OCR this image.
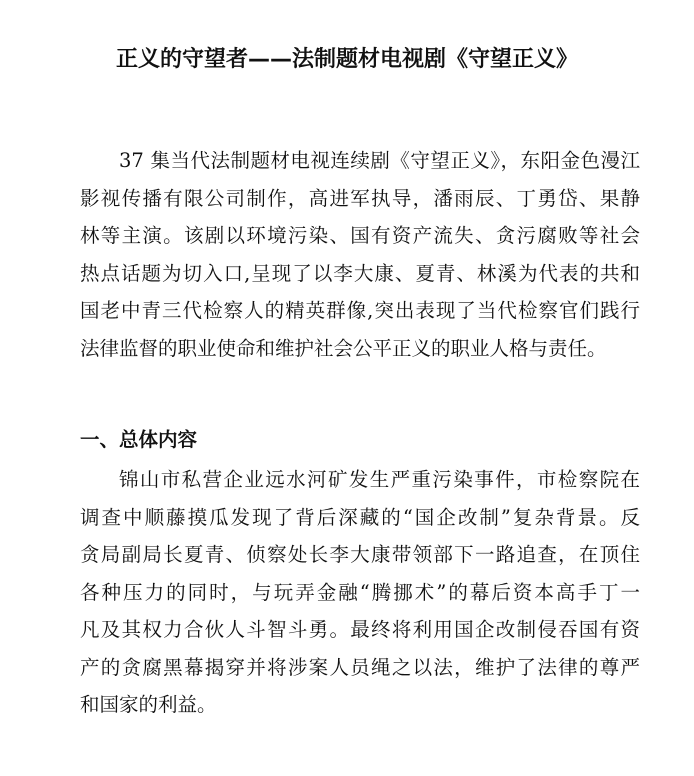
正义的守望者——法制题材电视剧《守望正义》
37 集当代法制题材电视连续剧《守望正义》，东阳金色漫江
影视传播有限公司制作，高进军执导，潘雨辰、丁勇岱、果静
林等主演。该剧以环境污染、国有资产流失、贪污腐败等社会
热点话题为切入口,呈现了以李大康、夏青、林溪为代表的共和
国老中青三代检察人的精英群像,突出表现了当代检察官们践行
法律监督的职业使命和维护社会公平正义的职业人格与责任。
一、总体内容
锦山市私营企业远水河矿发生严重污染事件，市检察院在
调查中顺藤摸瓜发现了背后深藏的“国企改制”复杂背景。反
贪局副局长夏青、侦察处长李大康带领部下一路追查，在顶住
各种压力的同时，与玩弄金融“腾挪术”的幕后资本高手丁一
凡及其权力合伙人斗智斗勇。最终将利用国企改制侵吞国有资
产的贪腐黑幕揭穿并将涉案人员绳之以法，维护了法律的尊严
和国家的利益。
